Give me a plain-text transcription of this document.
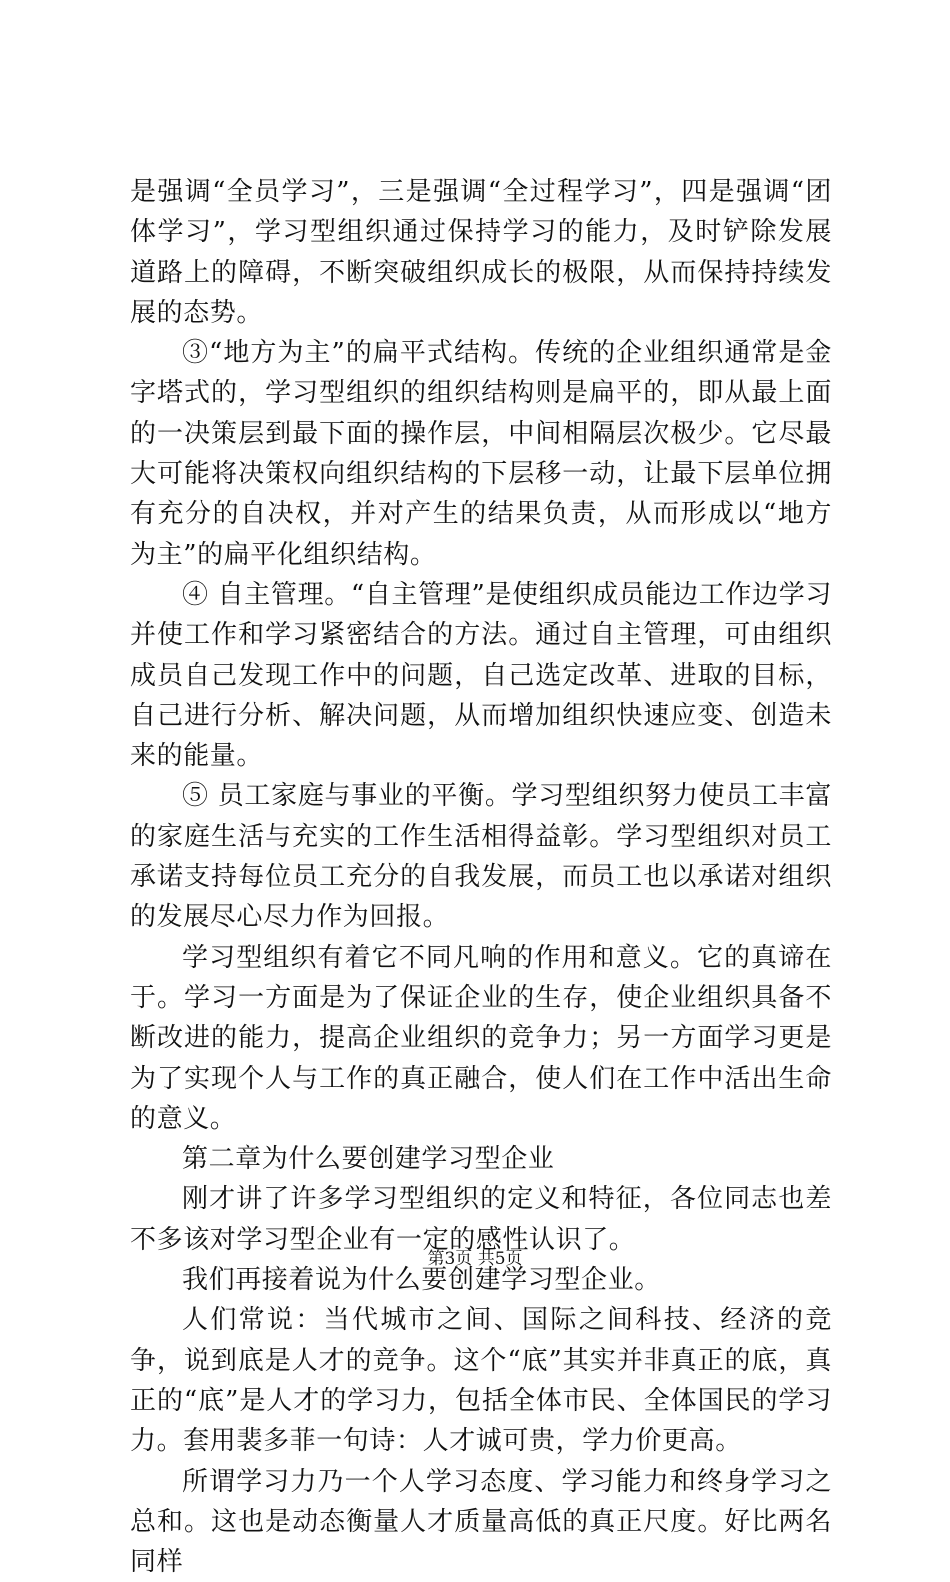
是强调“全员学习”，三是强调“全过程学习”，四是强调“团体学习”，学习型组织通过保持学习的能力，及时铲除发展道路上的障碍，不断突破组织成长的极限，从而保持持续发展的态势。

③“地方为主”的扁平式结构。传统的企业组织通常是金字塔式的，学习型组织的组织结构则是扁平的，即从最上面的一决策层到最下面的操作层，中间相隔层次极少。它尽最大可能将决策权向组织结构的下层移一动，让最下层单位拥有充分的自决权，并对产生的结果负责，从而形成以“地方为主”的扁平化组织结构。

④ 自主管理。“自主管理”是使组织成员能边工作边学习并使工作和学习紧密结合的方法。通过自主管理，可由组织成员自己发现工作中的问题，自己选定改革、进取的目标，自己进行分析、解决问题，从而增加组织快速应变、创造未来的能量。

⑤ 员工家庭与事业的平衡。学习型组织努力使员工丰富的家庭生活与充实的工作生活相得益彰。学习型组织对员工承诺支持每位员工充分的自我发展，而员工也以承诺对组织的发展尽心尽力作为回报。

学习型组织有着它不同凡响的作用和意义。它的真谛在于。学习一方面是为了保证企业的生存，使企业组织具备不断改进的能力，提高企业组织的竞争力；另一方面学习更是为了实现个人与工作的真正融合，使人们在工作中活出生命的意义。

第二章为什么要创建学习型企业

刚才讲了许多学习型组织的定义和特征，各位同志也差不多该对学习型企业有一定的感性认识了。

我们再接着说为什么要创建学习型企业。

人们常说：当代城市之间、国际之间科技、经济的竞争，说到底是人才的竞争。这个“底”其实并非真正的底，真正的“底”是人才的学习力，包括全体市民、全体国民的学习力。套用裴多菲一句诗：人才诚可贵，学力价更高。

所谓学习力乃一个人学习态度、学习能力和终身学习之总和。这也是动态衡量人才质量高低的真正尺度。好比两名同样

第3页 共5页
